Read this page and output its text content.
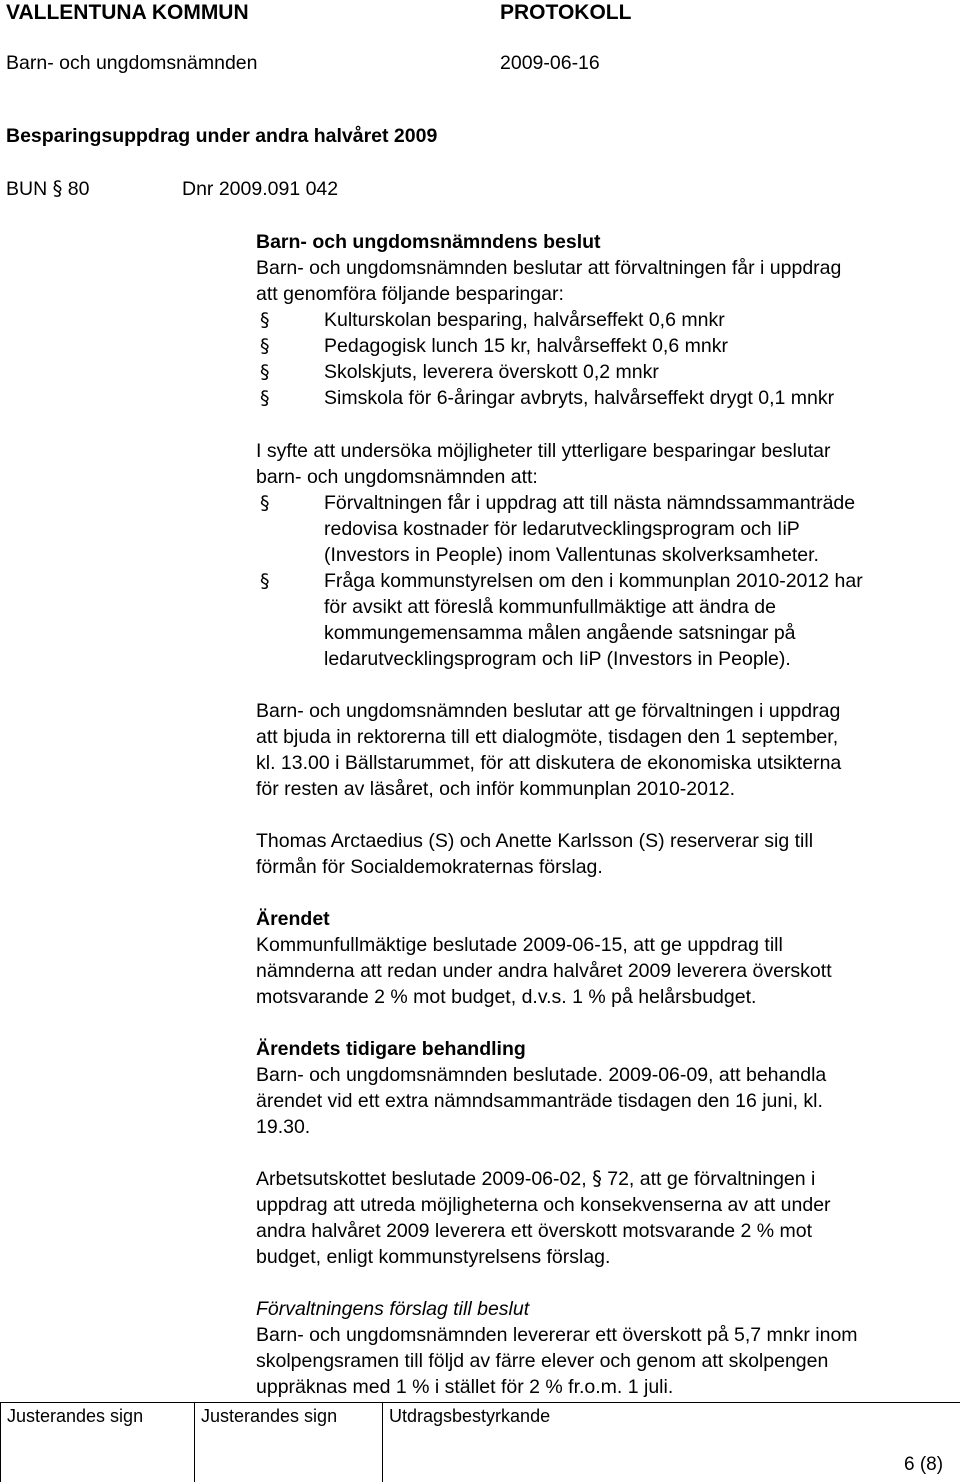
VALLENTUNA KOMMUN	PROTOKOLL
Barn- och ungdomsnämnden	2009-06-16
Besparingsuppdrag under andra halvåret 2009
BUN § 80	Dnr 2009.091 042
Barn- och ungdomsnämndens beslut
Barn- och ungdomsnämnden beslutar att förvaltningen får i uppdrag
att genomföra följande besparingar:
§	Kulturskolan besparing, halvårseffekt 0,6 mnkr
§	Pedagogisk lunch 15 kr, halvårseffekt 0,6 mnkr
§	Skolskjuts, leverera överskott 0,2 mnkr
§	Simskola för 6-åringar avbryts, halvårseffekt drygt 0,1 mnkr
I syfte att undersöka möjligheter till ytterligare besparingar beslutar
barn- och ungdomsnämnden att:
§	Förvaltningen får i uppdrag att till nästa nämndssammanträde
redovisa kostnader för ledarutvecklingsprogram och IiP
(Investors in People) inom Vallentunas skolverksamheter.
§	Fråga kommunstyrelsen om den i kommunplan 2010-2012 har
för avsikt att föreslå kommunfullmäktige att ändra de
kommungemensamma målen angående satsningar på
ledarutvecklingsprogram och IiP (Investors in People).
Barn- och ungdomsnämnden beslutar att ge förvaltningen i uppdrag
att bjuda in rektorerna till ett dialogmöte, tisdagen den 1 september,
kl. 13.00 i Bällstarummet, för att diskutera de ekonomiska utsikterna
för resten av läsåret, och inför kommunplan 2010-2012.
Thomas Arctaedius (S) och Anette Karlsson (S) reserverar sig till
förmån för Socialdemokraternas förslag.
Ärendet
Kommunfullmäktige beslutade 2009-06-15, att ge uppdrag till
nämnderna att redan under andra halvåret 2009 leverera överskott
motsvarande 2 % mot budget, d.v.s. 1 % på helårsbudget.
Ärendets tidigare behandling
Barn- och ungdomsnämnden beslutade. 2009-06-09, att behandla
ärendet vid ett extra nämndsammanträde tisdagen den 16 juni, kl.
19.30.
Arbetsutskottet beslutade 2009-06-02, § 72, att ge förvaltningen i
uppdrag att utreda möjligheterna och konsekvenserna av att under
andra halvåret 2009 leverera ett överskott motsvarande 2 % mot
budget, enligt kommunstyrelsens förslag.
Förvaltningens förslag till beslut
Barn- och ungdomsnämnden levererar ett överskott på 5,7 mnkr inom
skolpengsramen till följd av färre elever och genom att skolpengen
uppräknas med 1 % i stället för 2 % fr.o.m. 1 juli.
Justerandes sign	Justerandes sign	Utdragsbestyrkande
6 (8)
